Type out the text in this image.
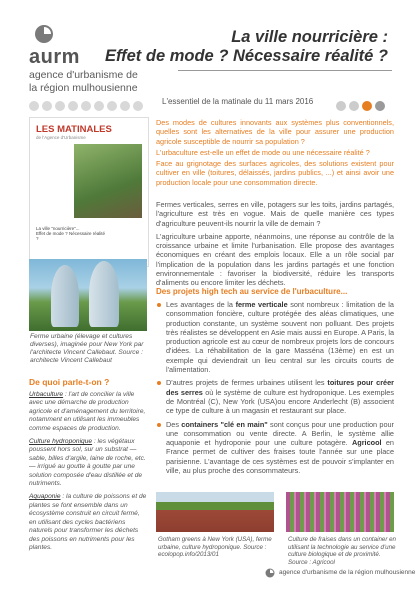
aurm
agence d'urbanisme de
la région mulhousienne
La ville nourricière :
Effet de mode ? Nécessaire réalité ?
L'essentiel de la matinale du 11 mars 2016
LES MATINALES
de l'Agence d'Urbanisme
La ville "nourricière"...
Effet de mode ? Nécessaire réalité ?

Des modes de cultures innovants aux systèmes plus conventionnels, quelles sont les alternatives de la ville pour assurer une production agricole susceptible de nourrir sa population ?

L'urbaculture est-elle un effet de mode ou une nécessaire réalité ?

Face au grignotage des surfaces agricoles, des solutions existent pour cultiver en ville (toitures, délaissés, jardins publics, ...) et ainsi avoir une production locale pour une consommation directe.

Fermes verticales, serres en ville, potagers sur les toits, jardins partagés, l'agriculture est très en vogue. Mais de quelle manière ces types d'agriculture peuvent-ils nourrir la ville de demain ?

L'agriculture urbaine apporte, néanmoins, une réponse au contrôle de la croissance urbaine et limite l'urbanisation. Elle propose des avantages économiques en créant des emplois locaux. Elle a un rôle social par l'implication de la population dans les jardins partagés et une fonction environnementale : favoriser la biodiversité, réduire les transports d'aliments ou encore limiter les déchets.

Des projets high tech au service de l'urbaculture...
Les avantages de la ferme verticale sont nombreux : limitation de la consommation foncière, culture protégée des aléas climatiques, une production constante, un système souvent non polluant. Des projets très réalistes se développent en Asie mais aussi en Europe. A Paris, la production agricole est au cœur de nombreux projets lors de concours d'idées. La réhabilitation de la gare Masséna (13ème) en est un exemple qui deviendrait un lieu central sur les circuits courts de l'alimentation.
D'autres projets de fermes urbaines utilisent les toitures pour créer des serres où le système de culture est hydroponique. Les exemples de Montréal (C), New York (USA)ou encore Anderlecht (B) associent ce type de culture à un magasin et restaurant sur place.
Des containers "clé en main" sont conçus pour une production pour une consommation ou vente directe. A Berlin, le système allie aquaponie et hydroponie pour une culture potagère. Agricool en France permet de cultiver des fraises toute l'année sur une place parisienne. L'avantage de ces systèmes est de pouvoir s'implanter en ville, au plus proche des consommateurs.
Ferme urbaine (élevage et cultures diverses), imaginée pour New York par l'architecte Vincent Callebaut. Source : architecte Vincent Callebaut
De quoi parle-t-on ?

Urbaculture : l'art de concilier la ville avec une démarche de production agricole et d'aménagement du territoire, notamment en utilisant les immeubles comme espaces de production.

Culture hydroponique : les végétaux poussent hors sol, sur un substrat — sable, billes d'argile, laine de roche, etc. — irrigué au goutte à goutte par une solution composée d'eau distillée et de nutriments.

Aquaponie : la culture de poissons et de plantes se font ensemble dans un écosystème construit en circuit fermé, en utilisant des cycles bactériens naturels pour transformer les déchets des poissons en nutriments pour les plantes.

Gotham greens à New York (USA), ferme urbaine, culture hydroponique. Source : ecolopop.info/2013/01
Culture de fraises dans un container en utilisant la technologie au service d'une culture biologique et de proximité. Source : Agricool
agence d'urbanisme de la région mulhousienne
